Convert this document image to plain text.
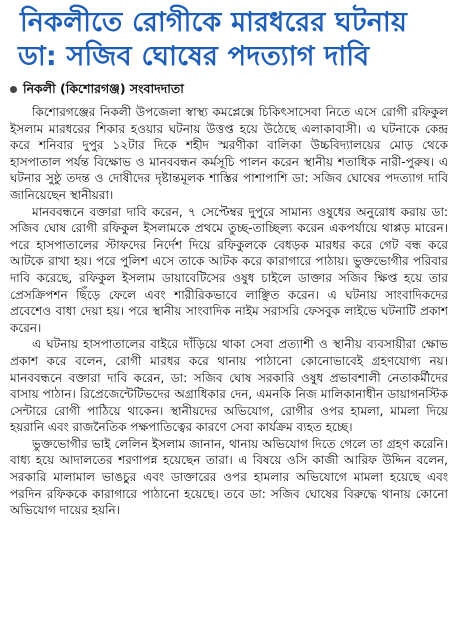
নিকলীতে রোগীকে মারধরের ঘটনায়
ডা: সজিব ঘোষের পদত্যাগ দাবি
নিকলী (কিশোরগঞ্জ) সংবাদদাতা

কিশোরগঞ্জের নিকলী উপজেলা স্বাস্থ্য কমপ্লেক্সে চিকিৎসাসেবা নিতে এসে রোগী রফিকুল ইসলাম মারধরের শিকার হওয়ার ঘটনায় উত্তপ্ত হয়ে উঠেছে এলাকাবাসী। এ ঘটনাকে কেন্দ্র করে শনিবার দুপুর ১২টার দিকে শহীদ স্মরণীকা বালিকা উচ্চবিদ্যালয়ের মোড় থেকে হাসপাতাল পর্যন্ত বিক্ষোভ ও মানববন্ধন কর্মসূচি পালন করেন স্থানীয় শতাধিক নারী-পুরুষ। এ ঘটনার সুষ্ঠু তদন্ত ও দোষীদের দৃষ্টান্তমূলক শাস্তির পাশাপাশি ডা: সজিব ঘোষের পদত্যাগ দাবি জানিয়েছেন স্থানীয়রা।

মানববন্ধনে বক্তারা দাবি করেন, ৭ সেপ্টেম্বর দুপুরে সামান্য ওষুধের অনুরোধ করায় ডা: সজিব ঘোষ রোগী রফিকুল ইসলামকে প্রথমে তুচ্ছ-তাচ্ছিল্য করেন একপর্যায়ে থাপ্পড় মারেন। পরে হাসপাতালের স্টাফদের নির্দেশ দিয়ে রফিকুলকে বেধড়ক মারধর করে গেট বন্ধ করে আটকে রাখা হয়। পরে পুলিশ এসে তাকে আটক করে কারাগারে পাঠায়। ভুক্তভোগীর পরিবার দাবি করেছে, রফিকুল ইসলাম ডায়াবেটিসের ওষুধ চাইলে ডাক্তার সজিব ক্ষিপ্ত হয়ে তার প্রেসক্রিপশন ছিঁড়ে ফেলে এবং শারীরিকভাবে লাঞ্ছিত করেন। এ ঘটনায় সাংবাদিকদের প্রবেশেও বাধা দেয়া হয়। পরে স্থানীয় সাংবাদিক নাইম সরাসরি ফেসবুক লাইভে ঘটনাটি প্রকাশ করেন।

এ ঘটনায় হাসপাতালের বাইরে দাঁড়িয়ে থাকা সেবা প্রত্যাশী ও স্থানীয় ব্যবসায়ীরা ক্ষোভ প্রকাশ করে বলেন, রোগী মারধর করে থানায় পাঠানো কোনোভাবেই গ্রহণযোগ্য নয়। মানববন্ধনে বক্তারা দাবি করেন, ডা: সজিব ঘোষ সরকারি ওষুধ প্রভাবশালী নেতাকর্মীদের বাসায় পাঠান। রিপ্রেজেন্টেটিভদের অগ্রাধিকার দেন, এমনকি নিজ মালিকানাধীন ডায়াগনস্টিক সেন্টারে রোগী পাঠিয়ে থাকেন। স্থানীয়দের অভিযোগ, রোগীর ওপর হামলা, মামলা দিয়ে হয়রানি এবং রাজনৈতিক পক্ষপাতিত্বের কারণে সেবা কার্যক্রম ব্যহত হচ্ছে।

ভুক্তভোগীর ভাই লেলিন ইসলাম জানান, থানায় অভিযোগ দিতে গেলে তা গ্রহণ করেনি। বাধ্য হয়ে আদালতের শরণাপন্ন হয়েছেন তারা। এ বিষয়ে ওসি কাজী আরিফ উদ্দিন বলেন, সরকারি মালামাল ভাঙচুর এবং ডাক্তারের ওপর হামলার অভিযোগে মামলা হয়েছে এবং পরদিন রফিককে কারাগারে পাঠানো হয়েছে। তবে ডা: সজিব ঘোষের বিরুদ্ধে থানায় কোনো অভিযোগ দায়ের হয়নি।
